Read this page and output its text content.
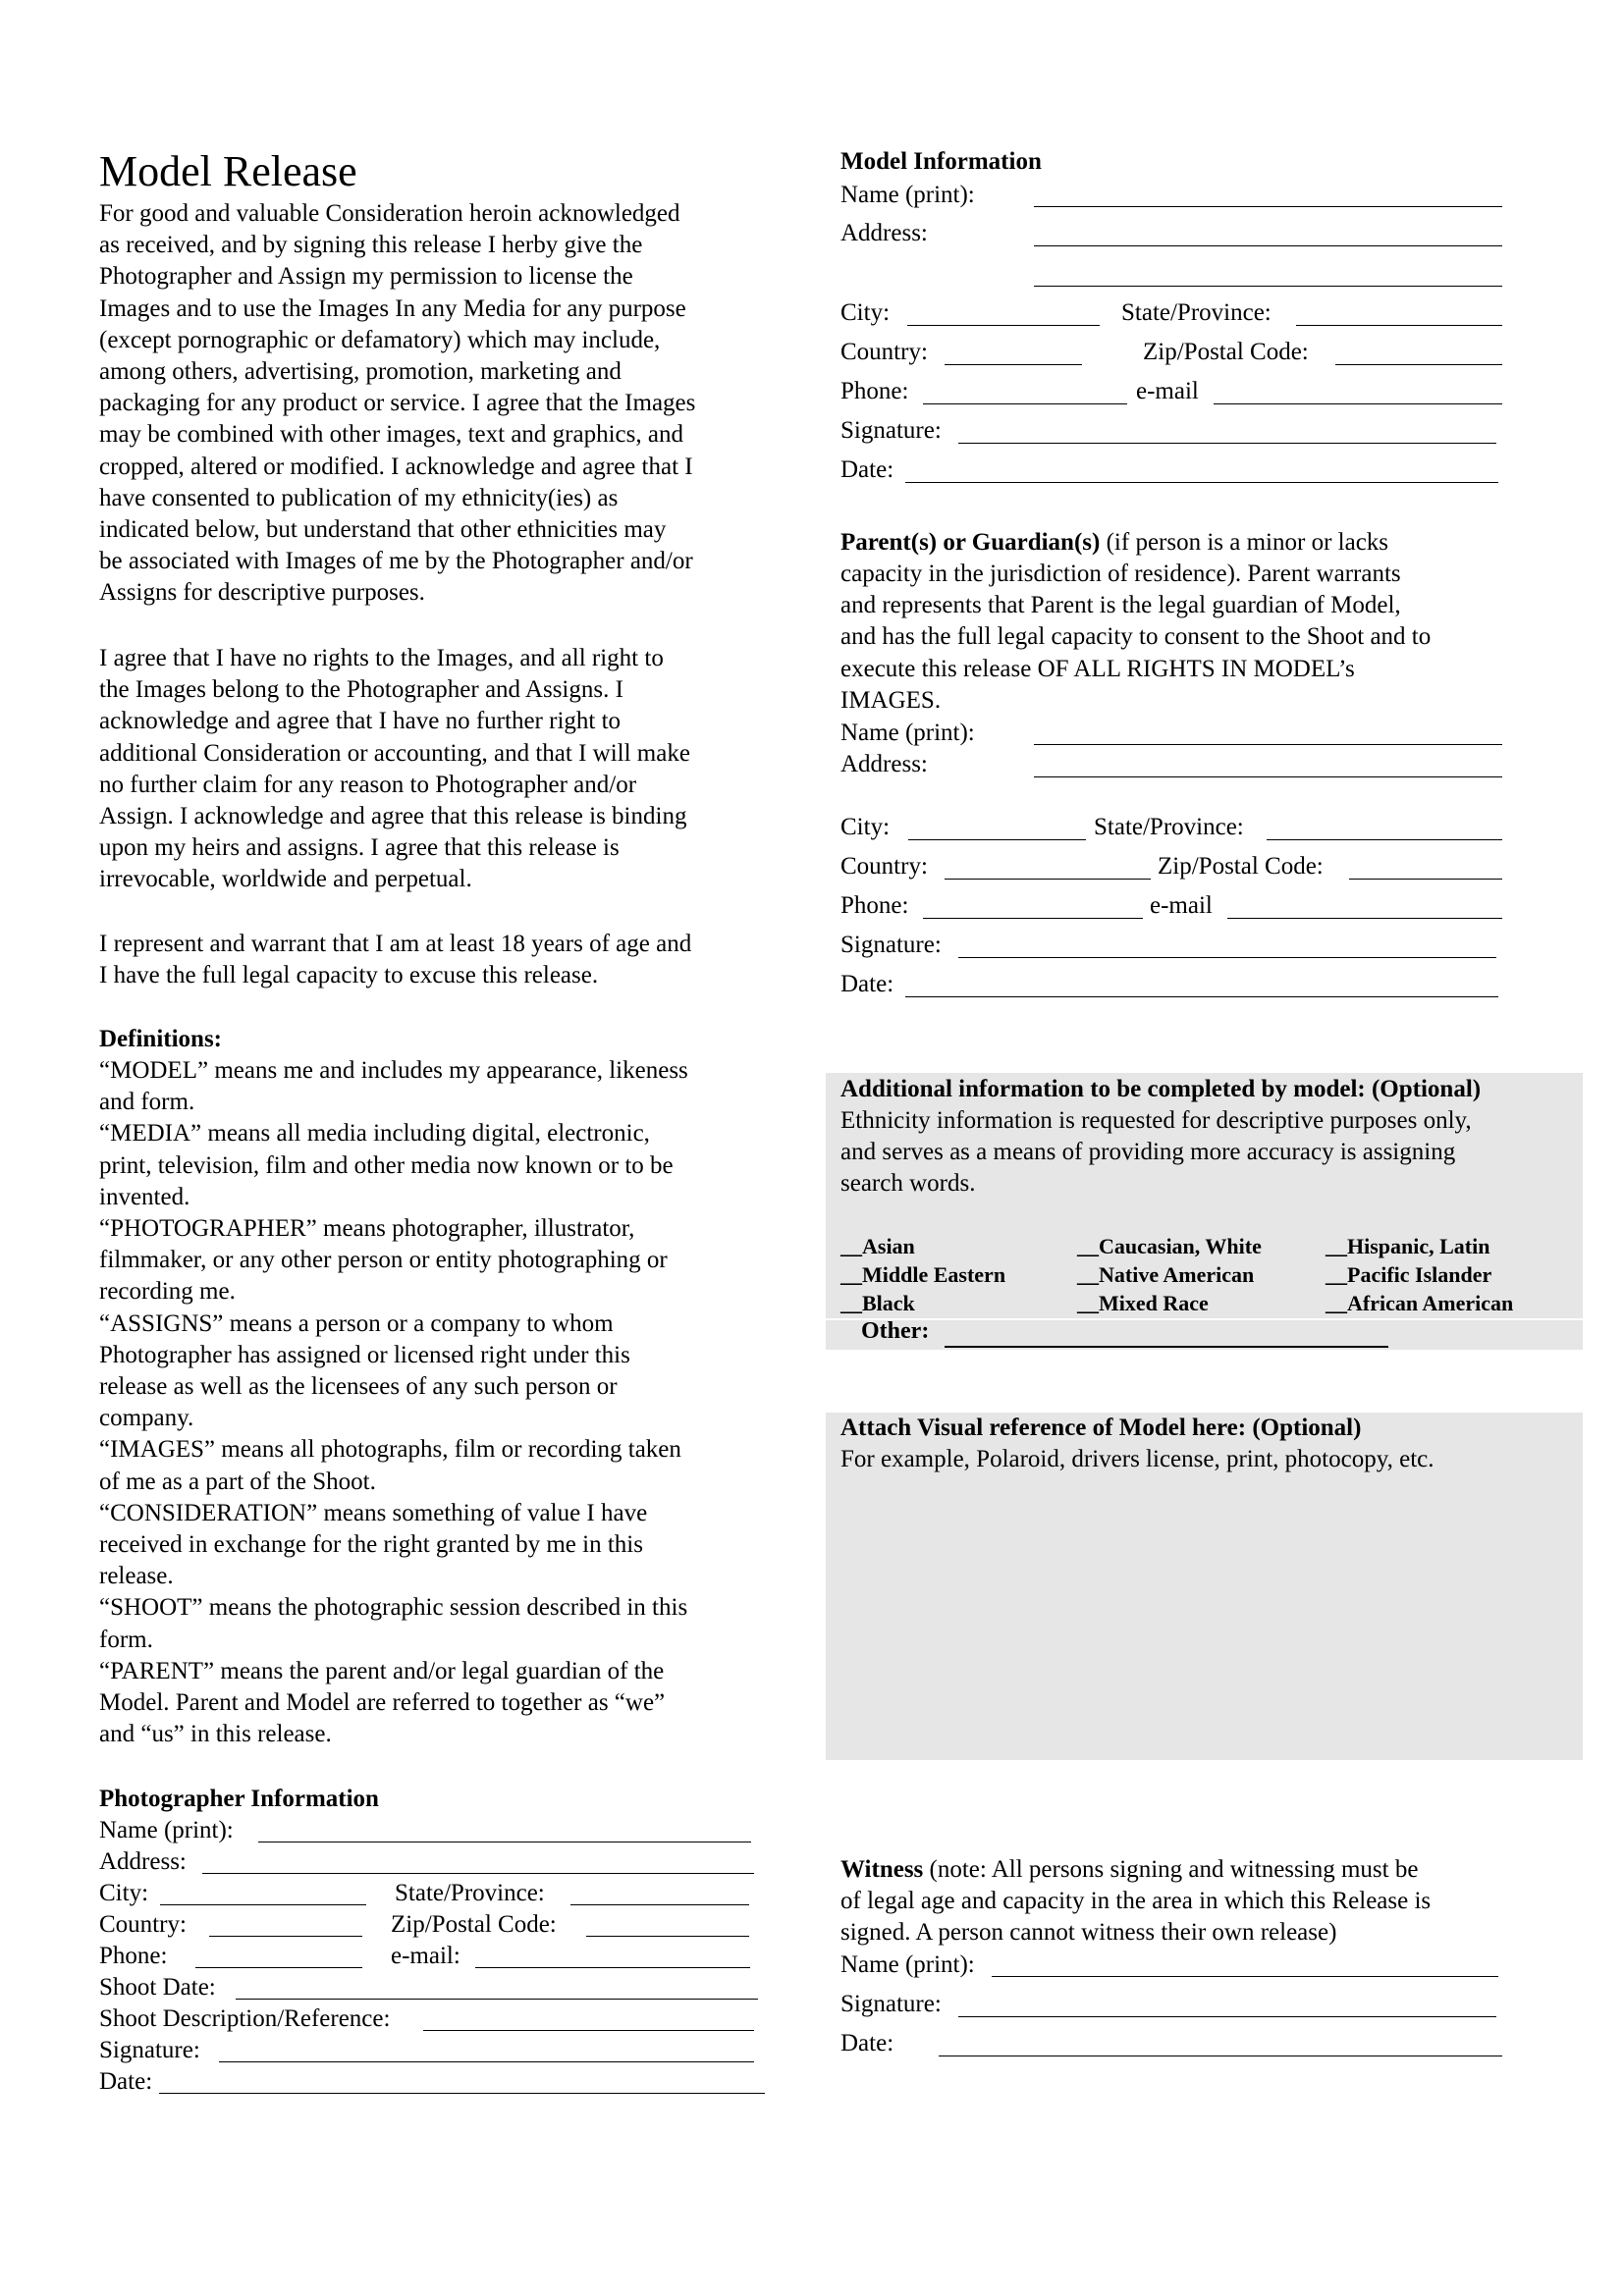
Model Release
For good and valuable Consideration heroin acknowledged
as received, and by signing this release I herby give the
Photographer and Assign my permission to license the
Images and to use the Images In any Media for any purpose
(except pornographic or defamatory) which may include,
among others, advertising, promotion, marketing and
packaging for any product or service. I agree that the Images
may be combined with other images, text and graphics, and
cropped, altered or modified. I acknowledge and agree that I
have consented to publication of my ethnicity(ies) as
indicated below, but understand that other ethnicities may
be associated with Images of me by the Photographer and/or
Assigns for descriptive purposes.
I agree that I have no rights to the Images, and all right to
the Images belong to the Photographer and Assigns. I
acknowledge and agree that I have no further right to
additional Consideration or accounting, and that I will make
no further claim for any reason to Photographer and/or
Assign. I acknowledge and agree that this release is binding
upon my heirs and assigns. I agree that this release is
irrevocable, worldwide and perpetual.
I represent and warrant that I am at least 18 years of age and
I have the full legal capacity to excuse this release.
Definitions:
“MODEL” means me and includes my appearance, likeness
and form.
“MEDIA” means all media including digital, electronic,
print, television, film and other media now known or to be
invented.
“PHOTOGRAPHER” means photographer, illustrator,
filmmaker, or any other person or entity photographing or
recording me.
“ASSIGNS” means a person or a company to whom
Photographer has assigned or licensed right under this
release as well as the licensees of any such person or
company.
“IMAGES” means all photographs, film or recording taken
of me as a part of the Shoot.
“CONSIDERATION” means something of value I have
received in exchange for the right granted by me in this
release.
“SHOOT” means the photographic session described in this
form.
“PARENT” means the parent and/or legal guardian of the
Model. Parent and Model are referred to together as “we”
and “us” in this release.
Photographer Information
Name (print):
Address:
City:	State/Province:
Country:	Zip/Postal Code:
Phone:	e-mail:
Shoot Date:
Shoot Description/Reference:
Signature:
Date:
Model Information
Name (print):
Address:
City:	State/Province:
Country:	Zip/Postal Code:
Phone:	e-mail
Signature:
Date:
Parent(s) or Guardian(s) (if person is a minor or lacks
capacity in the jurisdiction of residence). Parent warrants
and represents that Parent is the legal guardian of Model,
and has the full legal capacity to consent to the Shoot and to
execute this release OF ALL RIGHTS IN MODEL’s
IMAGES.
Name (print):
Address:
City:	State/Province:
Country:	Zip/Postal Code:
Phone:	e-mail
Signature:
Date:
Additional information to be completed by model: (Optional)
Ethnicity information is requested for descriptive purposes only,
and serves as a means of providing more accuracy is assigning
search words.
__Asian	__Caucasian, White	__Hispanic, Latin
__Middle Eastern	__Native American	__Pacific Islander
__Black	__Mixed Race	__African American
Other:
Attach Visual reference of Model here: (Optional)
For example, Polaroid, drivers license, print, photocopy, etc.
Witness (note: All persons signing and witnessing must be
of legal age and capacity in the area in which this Release is
signed. A person cannot witness their own release)
Name (print):
Signature:
Date:
